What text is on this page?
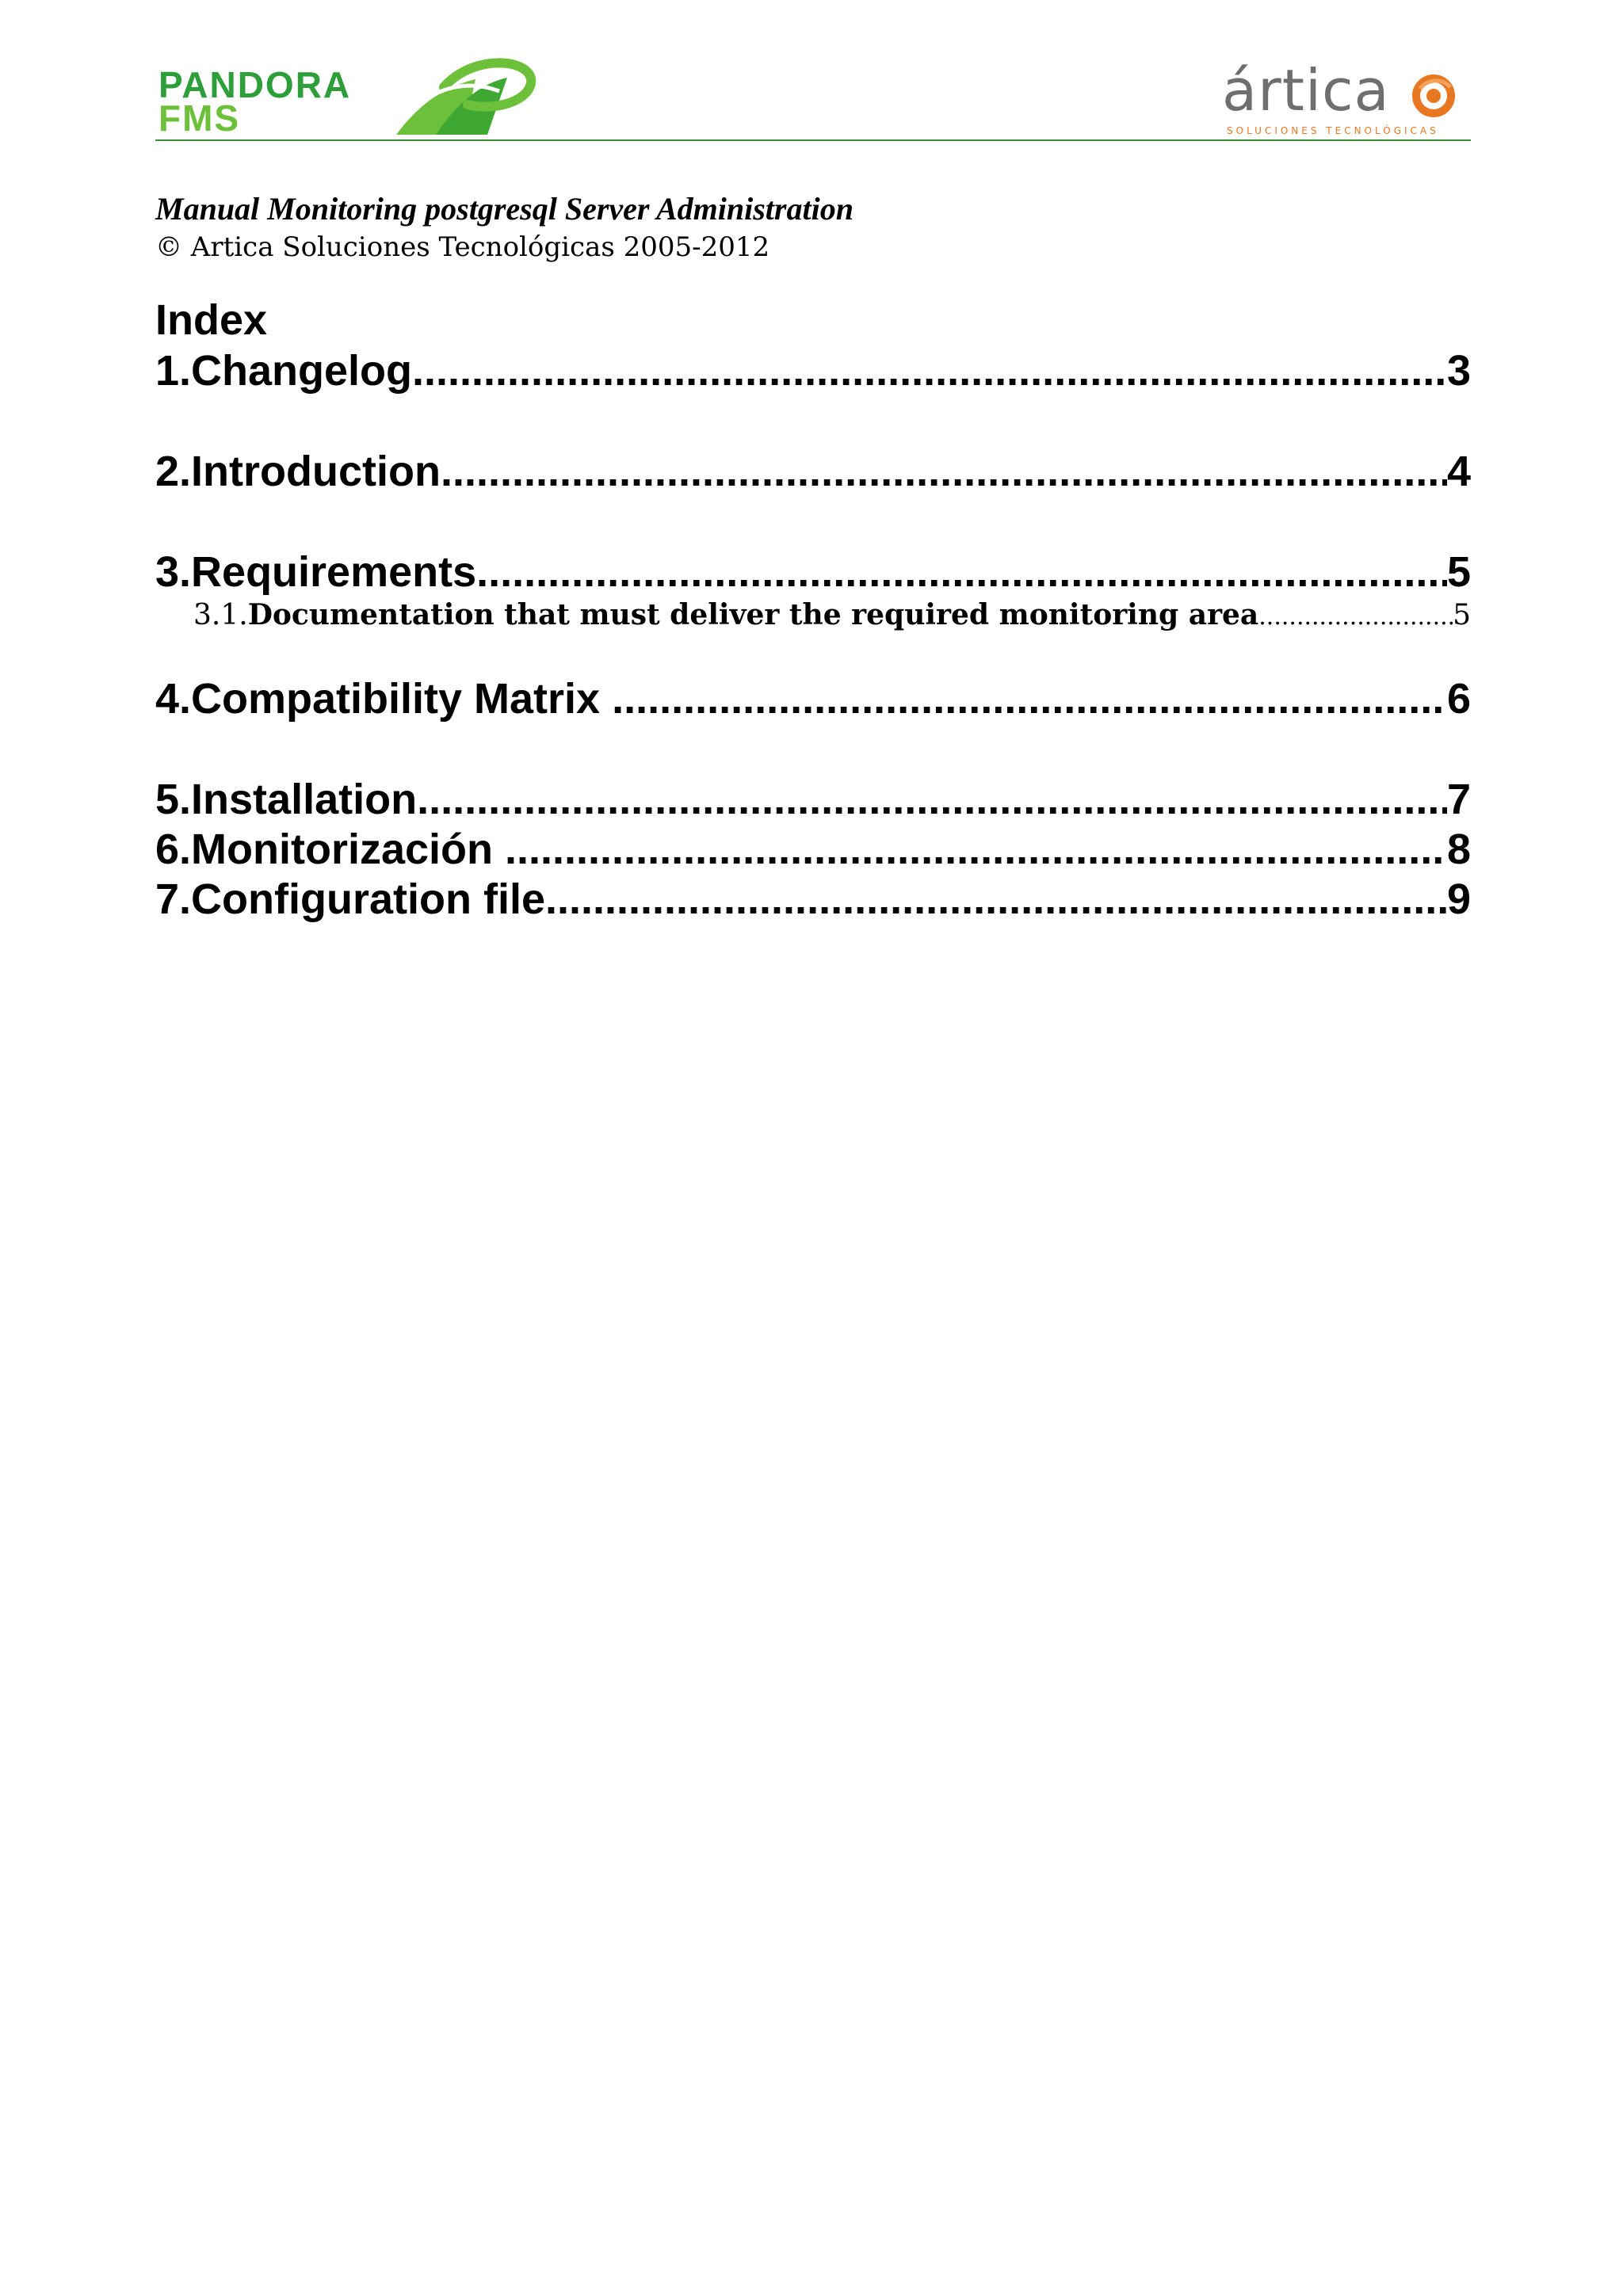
PANDORA
FMS	ártica
SOLUCIONES TECNOLÓGICAS
Manual Monitoring postgresql Server Administration
© Artica Soluciones Tecnológicas 2005-2012
Index
1.Changelog .....	3
2.Introduction .....	4
3.Requirements .....	5
3.1. Documentation that must deliver the required monitoring area .....	5
4.Compatibility Matrix .....	6
5.Installation .....	7
6.Monitorización .....	8
7.Configuration file .....	9
